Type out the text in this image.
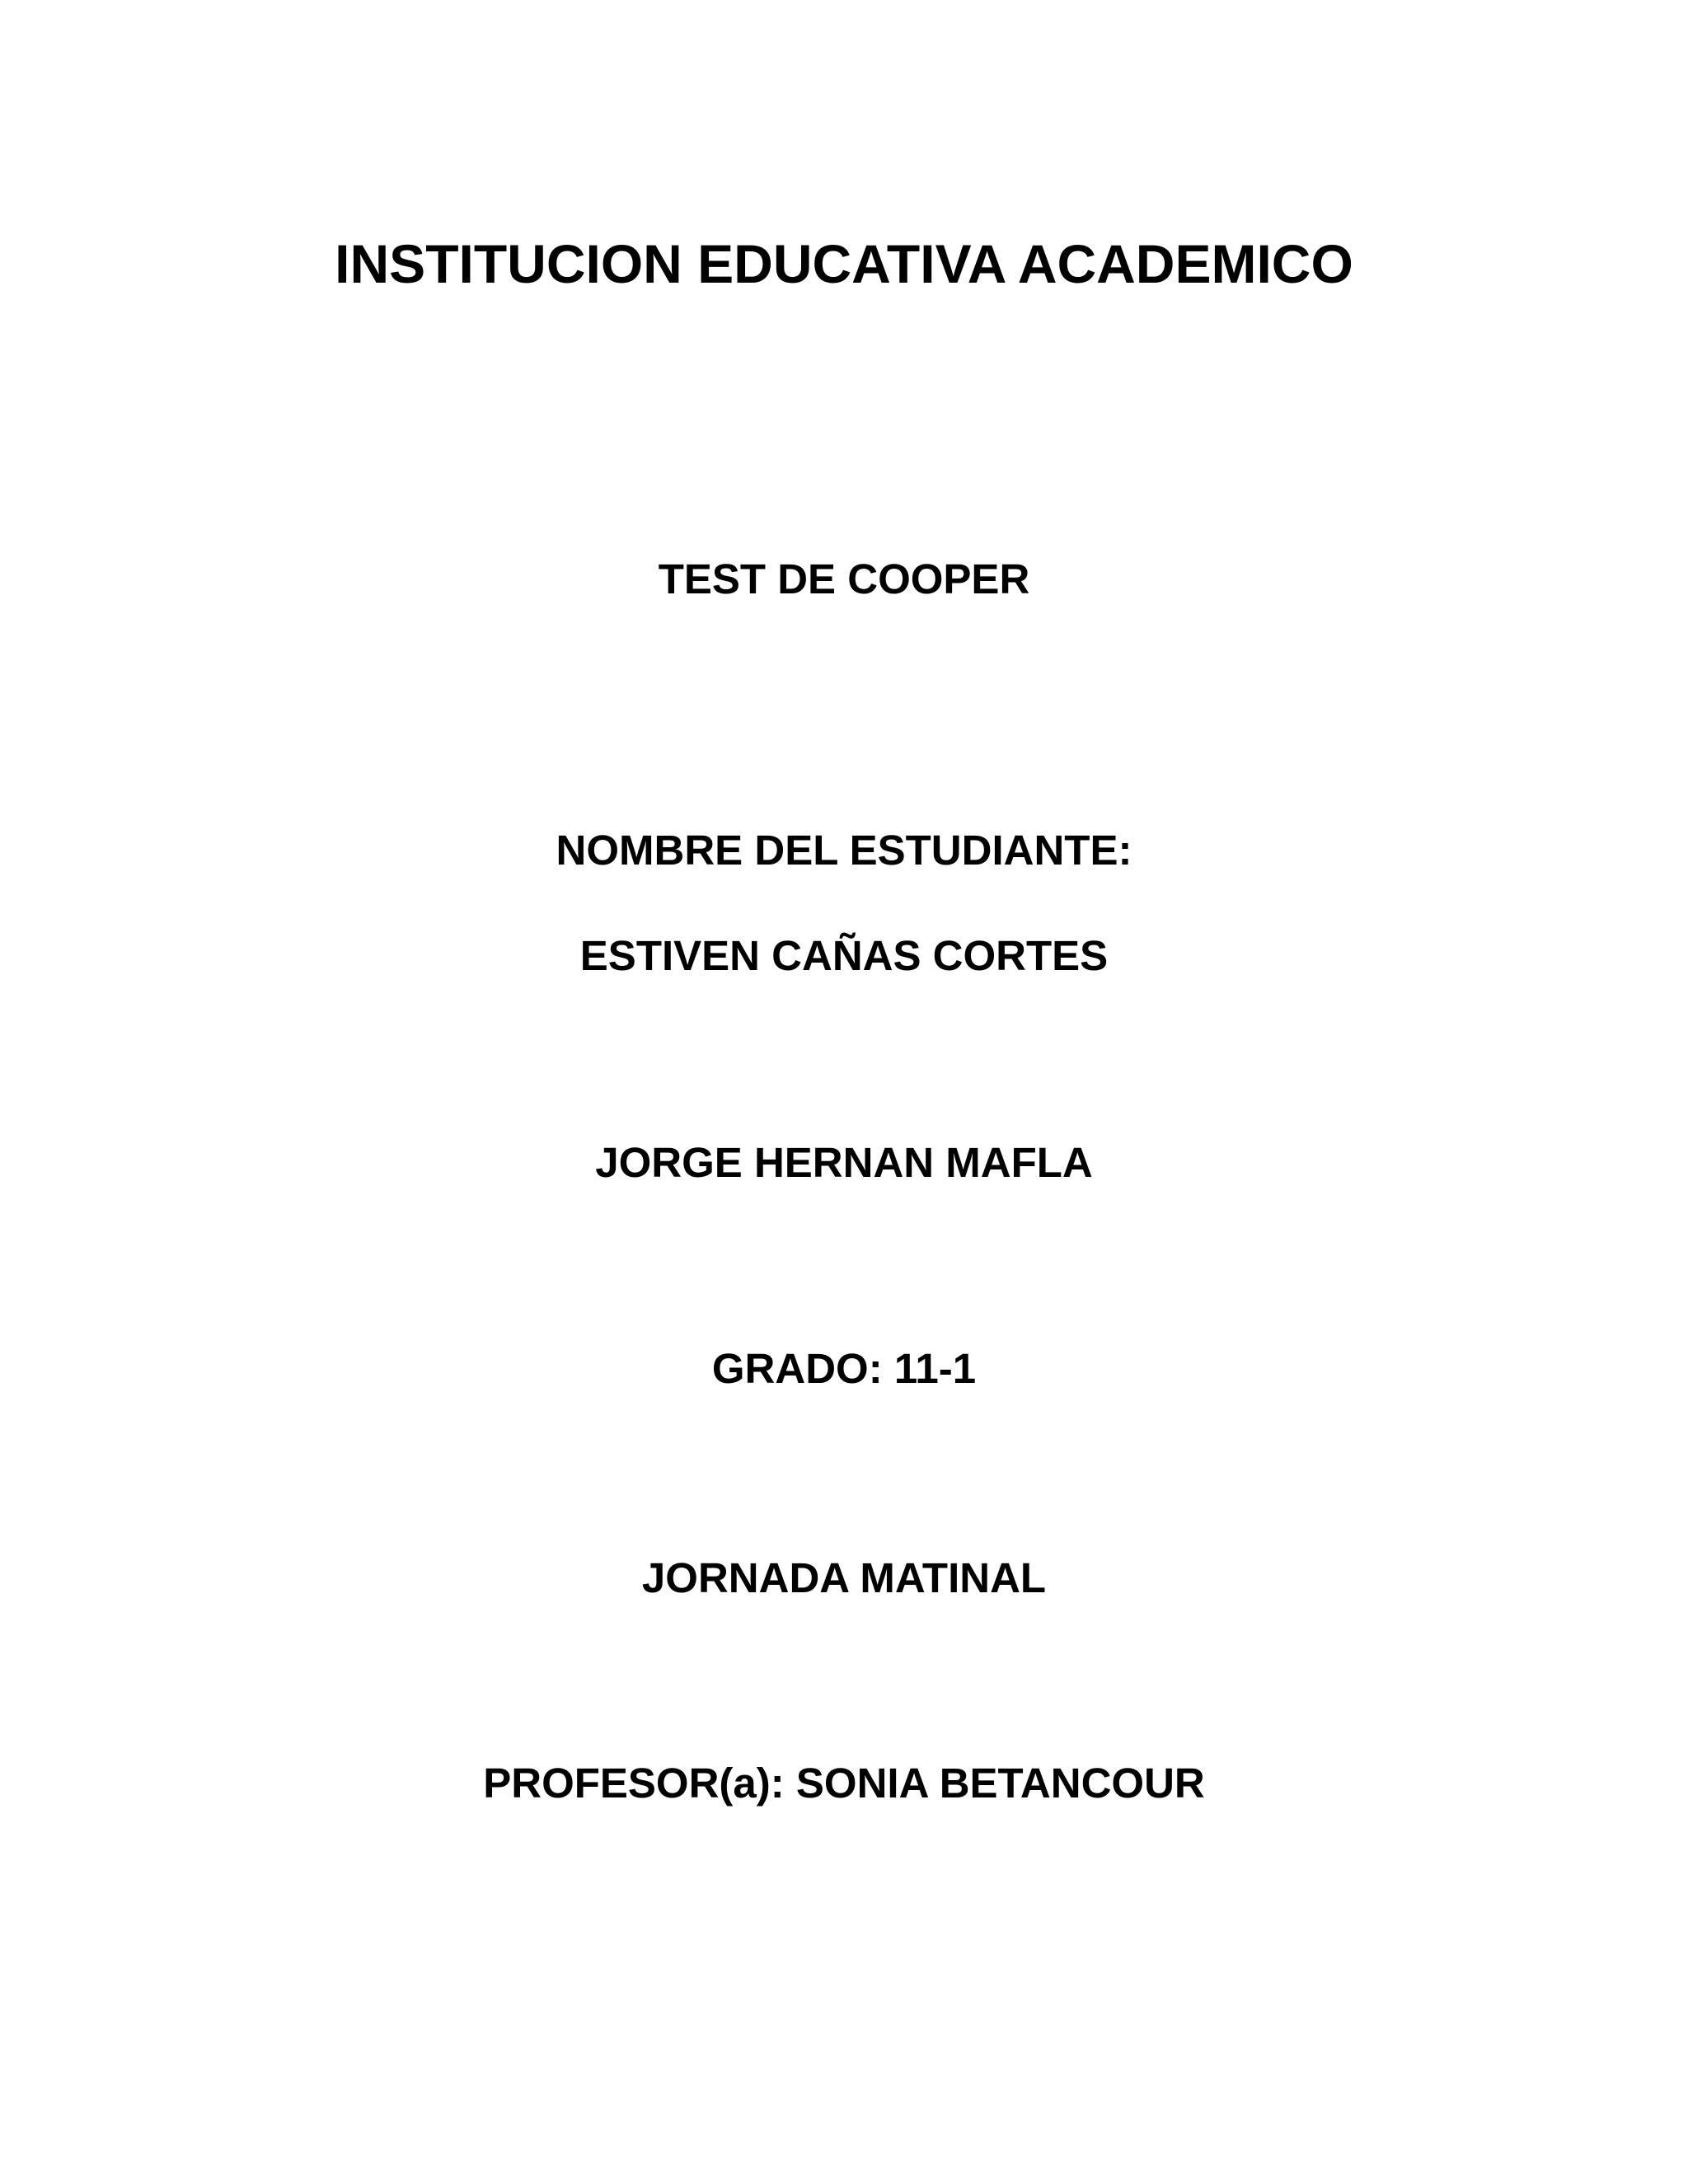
INSTITUCION EDUCATIVA ACADEMICO
TEST DE COOPER
NOMBRE DEL ESTUDIANTE:
ESTIVEN CAÑAS CORTES
JORGE HERNAN MAFLA
GRADO: 11-1
JORNADA MATINAL
PROFESOR(a): SONIA BETANCOUR
